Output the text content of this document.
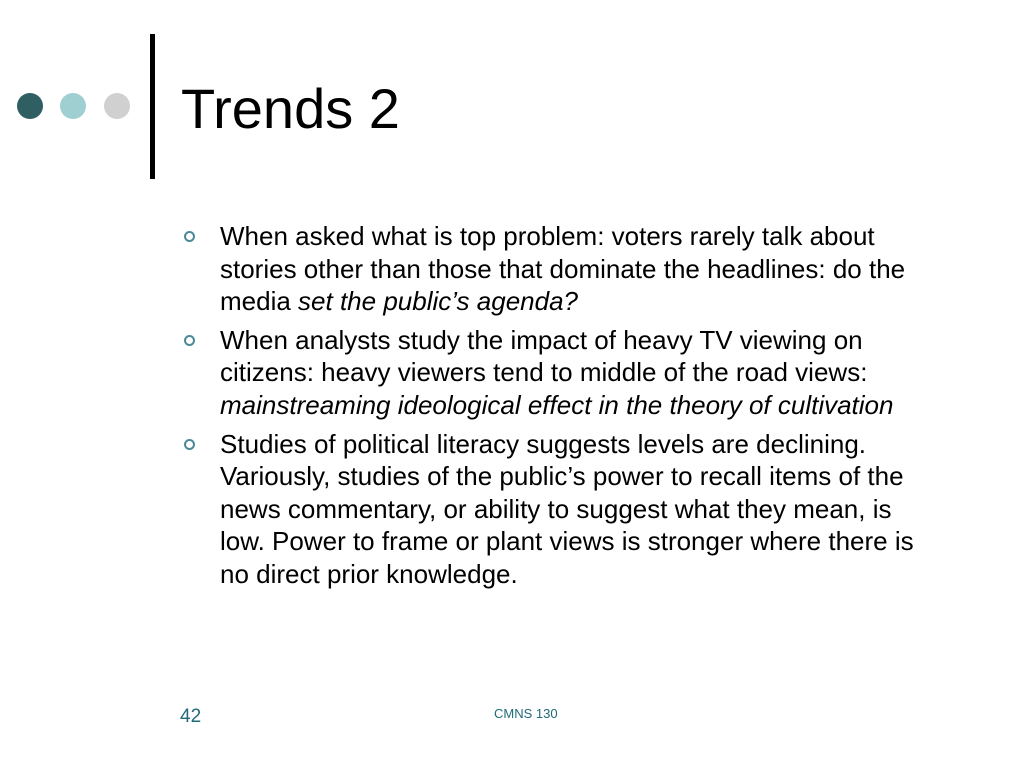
Trends 2
When asked what is top problem: voters rarely talk about stories other than those that dominate the headlines: do the media set the public’s agenda?
When analysts study the impact of heavy TV viewing on citizens: heavy viewers tend to middle of the road views: mainstreaming ideological effect in the theory of cultivation
Studies of political literacy suggests levels are declining. Variously, studies of the public’s power to recall items of the news commentary, or ability to suggest what they mean, is low. Power to frame or plant views is stronger where there is no direct prior knowledge.
42	CMNS 130
